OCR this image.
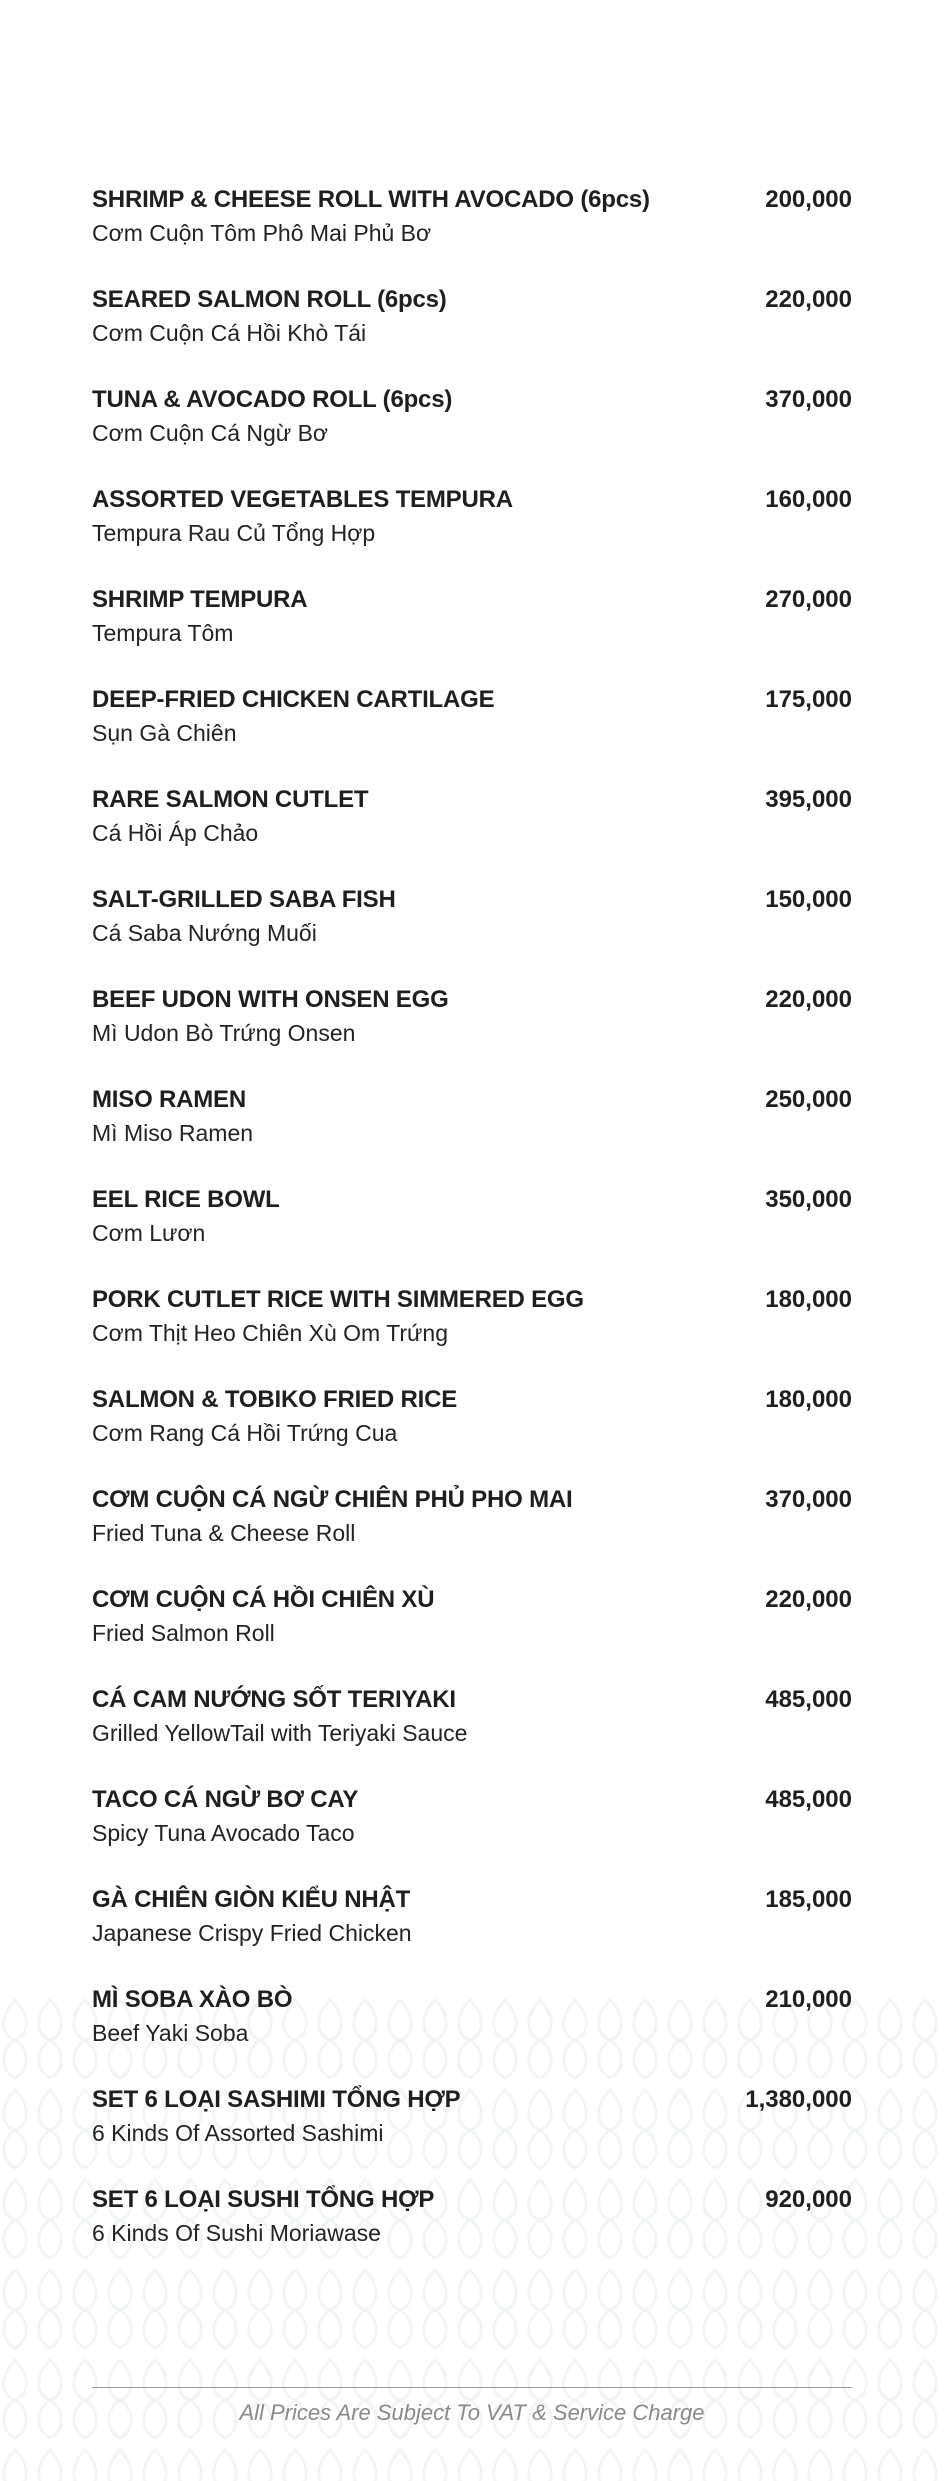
SHRIMP & CHEESE ROLL WITH AVOCADO (6pcs)
Cơm Cuộn Tôm Phô Mai Phủ Bơ
200,000
SEARED SALMON ROLL (6pcs)
Cơm Cuộn Cá Hồi Khò Tái
220,000
TUNA & AVOCADO ROLL (6pcs)
Cơm Cuộn Cá Ngừ Bơ
370,000
ASSORTED VEGETABLES TEMPURA
Tempura Rau Củ Tổng Hợp
160,000
SHRIMP TEMPURA
Tempura Tôm
270,000
DEEP-FRIED CHICKEN CARTILAGE
Sụn Gà Chiên
175,000
RARE SALMON CUTLET
Cá Hồi Áp Chảo
395,000
SALT-GRILLED SABA FISH
Cá Saba Nướng Muối
150,000
BEEF UDON WITH ONSEN EGG
Mì Udon Bò Trứng Onsen
220,000
MISO RAMEN
Mì Miso Ramen
250,000
EEL RICE BOWL
Cơm Lươn
350,000
PORK CUTLET RICE WITH SIMMERED EGG
Cơm Thịt Heo Chiên Xù Om Trứng
180,000
SALMON & TOBIKO FRIED RICE
Cơm Rang Cá Hồi Trứng Cua
180,000
CƠM CUỘN CÁ NGỪ CHIÊN PHỦ PHO MAI
Fried Tuna & Cheese Roll
370,000
CƠM CUỘN CÁ HỒI CHIÊN XÙ
Fried Salmon Roll
220,000
CÁ CAM NƯỚNG SỐT TERIYAKI
Grilled YellowTail with Teriyaki Sauce
485,000
TACO CÁ NGỪ BƠ CAY
Spicy Tuna Avocado Taco
485,000
GÀ CHIÊN GIÒN KIỂU NHẬT
Japanese Crispy Fried Chicken
185,000
MÌ SOBA XÀO BÒ
Beef Yaki Soba
210,000
SET 6 LOẠI SASHIMI TỔNG HỢP
6 Kinds Of Assorted Sashimi
1,380,000
SET 6 LOẠI SUSHI TỔNG HỢP
6 Kinds Of Sushi Moriawase
920,000
All Prices Are Subject To VAT & Service Charge
